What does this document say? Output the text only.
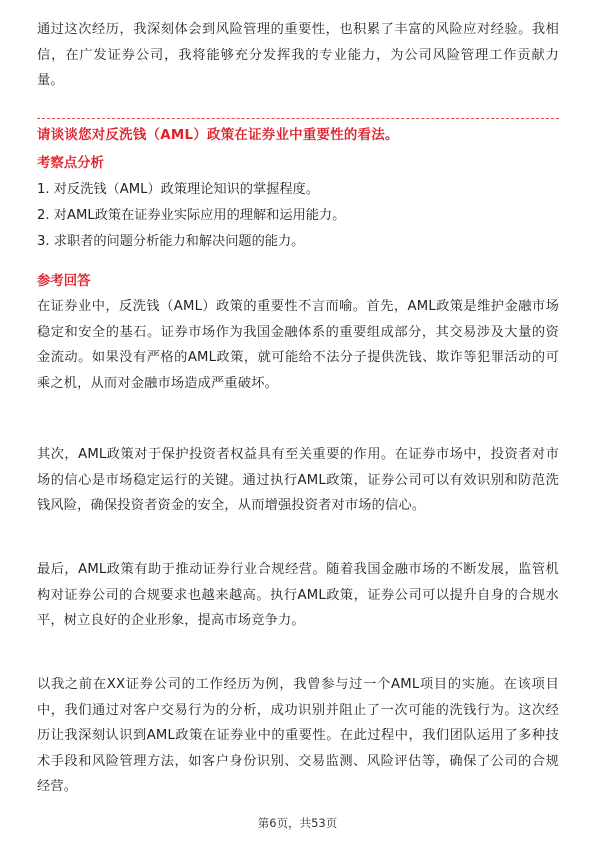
通过这次经历，我深刻体会到风险管理的重要性，也积累了丰富的风险应对经验。我相信，在广发证券公司，我将能够充分发挥我的专业能力，为公司风险管理工作贡献力量。

请谈谈您对反洗钱（AML）政策在证券业中重要性的看法。

考察点分析

1. 对反洗钱（AML）政策理论知识的掌握程度。

2. 对AML政策在证券业实际应用的理解和运用能力。

3. 求职者的问题分析能力和解决问题的能力。

参考回答

在证券业中，反洗钱（AML）政策的重要性不言而喻。首先，AML政策是维护金融市场稳定和安全的基石。证券市场作为我国金融体系的重要组成部分，其交易涉及大量的资金流动。如果没有严格的AML政策，就可能给不法分子提供洗钱、欺诈等犯罪活动的可乘之机，从而对金融市场造成严重破坏。

其次，AML政策对于保护投资者权益具有至关重要的作用。在证券市场中，投资者对市场的信心是市场稳定运行的关键。通过执行AML政策，证券公司可以有效识别和防范洗钱风险，确保投资者资金的安全，从而增强投资者对市场的信心。

最后，AML政策有助于推动证券行业合规经营。随着我国金融市场的不断发展，监管机构对证券公司的合规要求也越来越高。执行AML政策，证券公司可以提升自身的合规水平，树立良好的企业形象，提高市场竞争力。

以我之前在XX证券公司的工作经历为例，我曾参与过一个AML项目的实施。在该项目中，我们通过对客户交易行为的分析，成功识别并阻止了一次可能的洗钱行为。这次经历让我深刻认识到AML政策在证券业中的重要性。在此过程中，我们团队运用了多种技术手段和风险管理方法，如客户身份识别、交易监测、风险评估等，确保了公司的合规经营。

第6页，共53页
